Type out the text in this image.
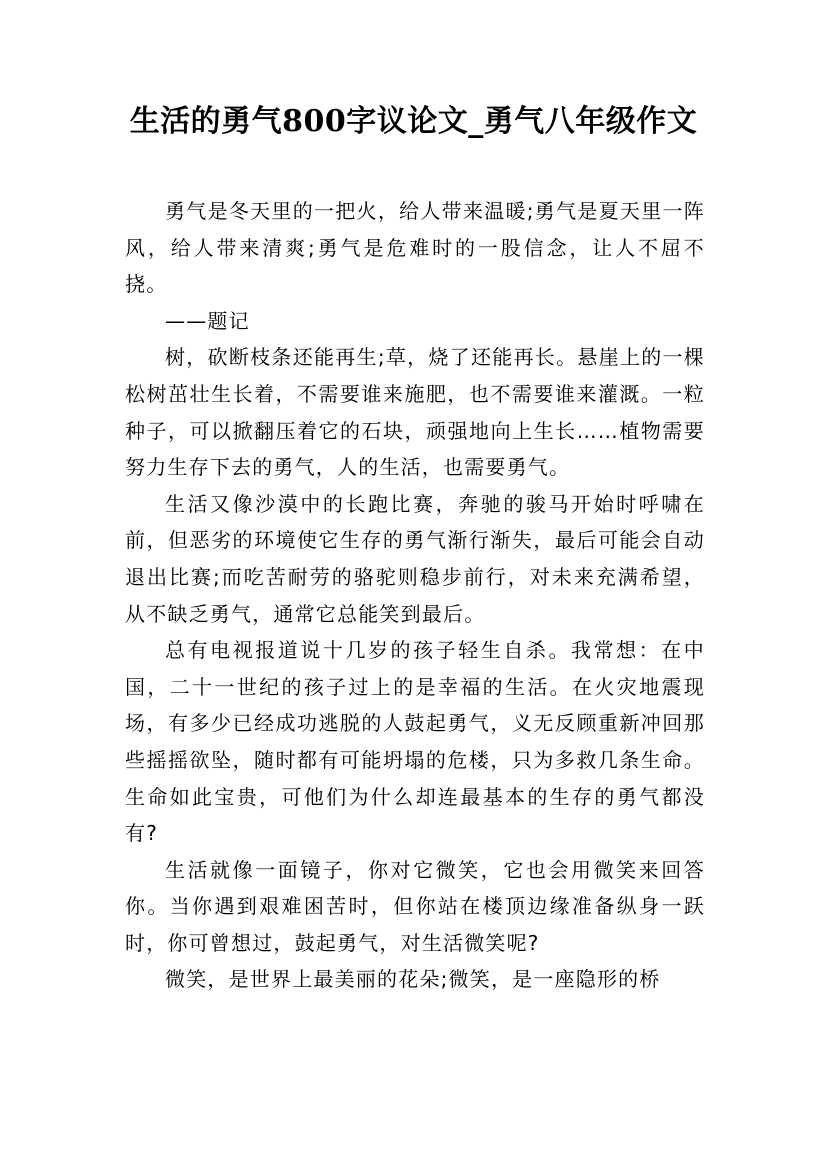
生活的勇气800字议论文_勇气八年级作文

勇气是冬天里的一把火，给人带来温暖;勇气是夏天里一阵风，给人带来清爽;勇气是危难时的一股信念，让人不屈不挠。

——题记

树，砍断枝条还能再生;草，烧了还能再长。悬崖上的一棵松树茁壮生长着，不需要谁来施肥，也不需要谁来灌溉。一粒种子，可以掀翻压着它的石块，顽强地向上生长……植物需要努力生存下去的勇气，人的生活，也需要勇气。

生活又像沙漠中的长跑比赛，奔驰的骏马开始时呼啸在前，但恶劣的环境使它生存的勇气渐行渐失，最后可能会自动退出比赛;而吃苦耐劳的骆驼则稳步前行，对未来充满希望，从不缺乏勇气，通常它总能笑到最后。

总有电视报道说十几岁的孩子轻生自杀。我常想：在中国，二十一世纪的孩子过上的是幸福的生活。在火灾地震现场，有多少已经成功逃脱的人鼓起勇气，义无反顾重新冲回那些摇摇欲坠，随时都有可能坍塌的危楼，只为多救几条生命。生命如此宝贵，可他们为什么却连最基本的生存的勇气都没有?

生活就像一面镜子，你对它微笑，它也会用微笑来回答你。当你遇到艰难困苦时，但你站在楼顶边缘准备纵身一跃时，你可曾想过，鼓起勇气，对生活微笑呢?

微笑，是世界上最美丽的花朵;微笑，是一座隐形的桥
